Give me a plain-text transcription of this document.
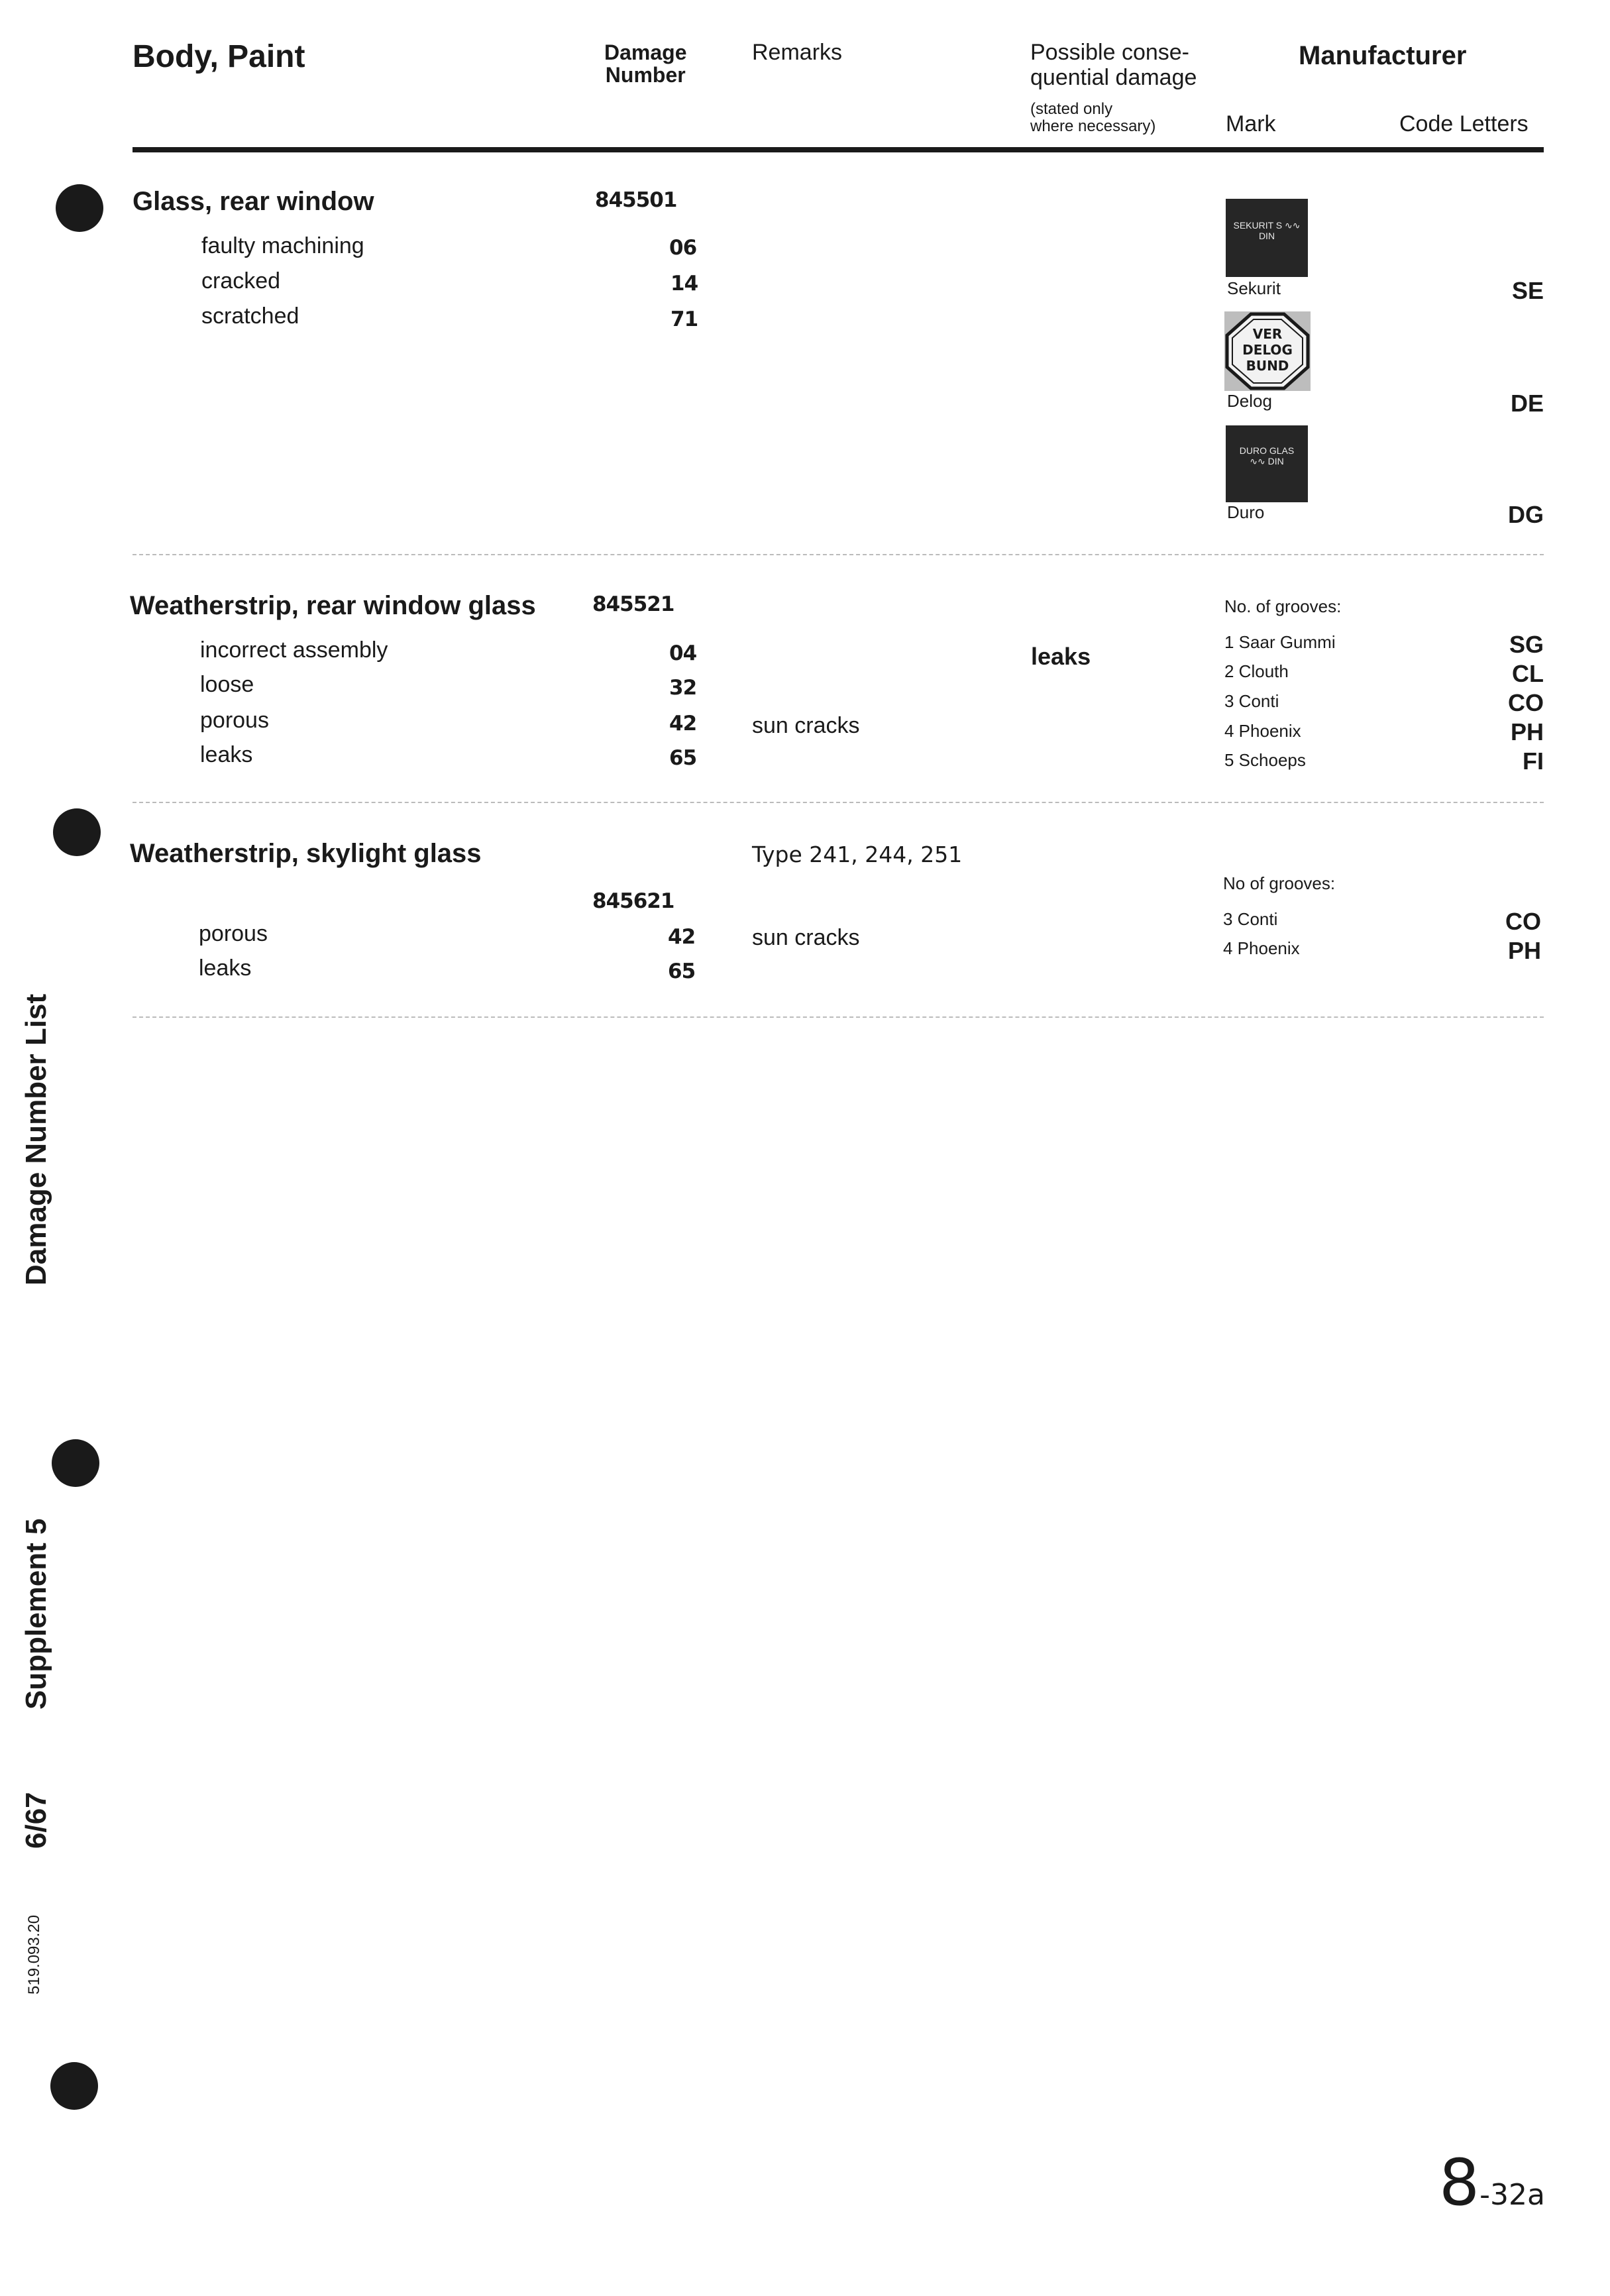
Body, Paint	Damage
Number
Remarks	Possible conse-
quential damage
(stated only
where necessary)
Manufacturer
Mark	Code Letters
Glass, rear window	845501
faulty machining	06
cracked	14
scratched	71
SEKURIT S ∿∿ DIN
Sekurit	SE
VER DELOG BUND
Delog	DE
DURO GLAS ∿∿ DIN
Duro	DG
Weatherstrip, rear window glass	845521	No. of grooves:
incorrect assembly	04	leaks
loose	32
porous	42 sun cracks
leaks	65
1 Saar Gummi	SG
2 Clouth	CL
3 Conti	CO
4 Phoenix	PH
5 Schoeps	FI
Weatherstrip, skylight glass	Type 241, 244, 251
No of grooves:
845621
porous	42	sun cracks
leaks	65
3 Conti	CO
4 Phoenix	PH
Damage Number List
Supplement 5
6/67
519.093.20
8-32a
